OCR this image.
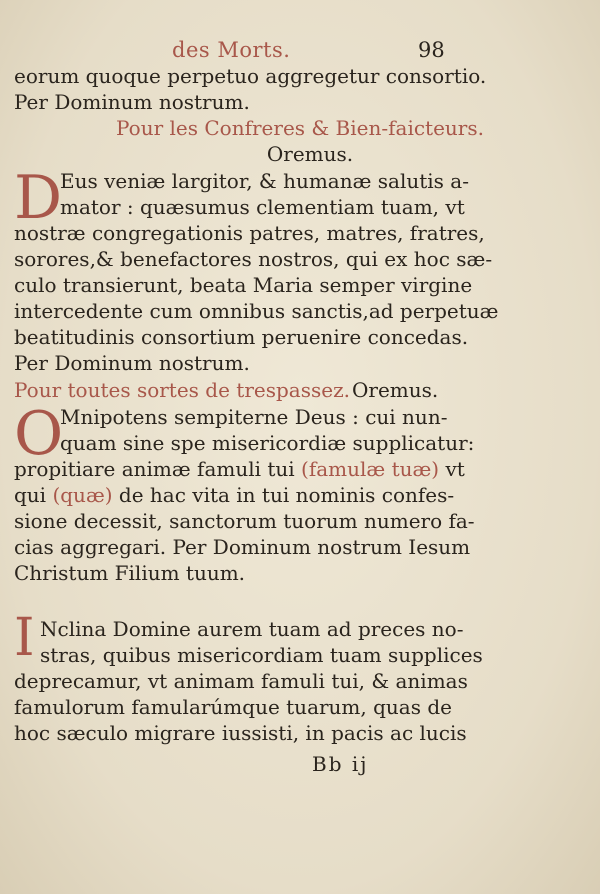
des Morts.	98
eorum quoque perpetuo aggregetur consortio.
Per Dominum nostrum.
Pour les Confreres & Bien-faicteurs.
Oremus.
D
Eus veniæ largitor, & humanæ salutis a-
mator : quæsumus clementiam tuam, vt
nostræ congregationis patres, matres, fratres,
sorores,& benefactores nostros, qui ex hoc sæ-
culo transierunt, beata Maria semper virgine
intercedente cum omnibus sanctis,ad perpetuæ
beatitudinis consortium peruenire concedas.
Per Dominum nostrum.
Pour toutes sortes de trespassez. Oremus.
O
Mnipotens sempiterne Deus : cui nun-
quam sine spe misericordiæ supplicatur:
propitiare animæ famuli tui (famulæ tuæ) vt
qui (quæ) de hac vita in tui nominis confes-
sione decessit, sanctorum tuorum numero fa-
cias aggregari. Per Dominum nostrum Iesum
Christum Filium tuum.
I Nclina Domine aurem tuam ad preces no-
stras, quibus misericordiam tuam supplices
deprecamur, vt animam famuli tui, & animas
famulorum famularúmque tuarum, quas de
hoc sæculo migrare iussisti, in pacis ac lucis
Bb ij
